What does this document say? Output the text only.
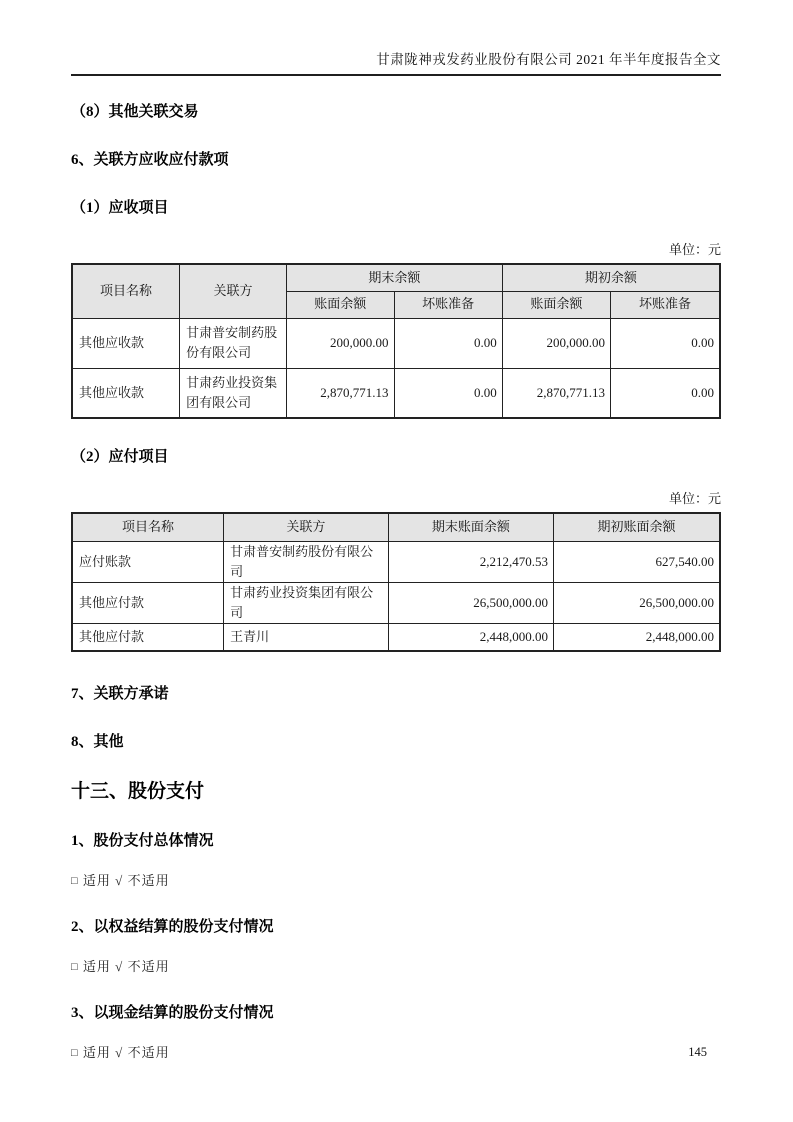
甘肃陇神戎发药业股份有限公司 2021 年半年度报告全文
（8）其他关联交易
6、关联方应收应付款项
（1）应收项目
单位：元
项目名称	关联方	期末余额		期初余额	
		账面余额	坏账准备	账面余额	坏账准备
其他应收款	甘肃普安制药股份有限公司	200,000.00	0.00	200,000.00	0.00
其他应收款	甘肃药业投资集团有限公司	2,870,771.13	0.00	2,870,771.13	0.00
（2）应付项目
单位：元
项目名称	关联方	期末账面余额	期初账面余额
应付账款	甘肃普安制药股份有限公司	2,212,470.53	627,540.00
其他应付款	甘肃药业投资集团有限公司	26,500,000.00	26,500,000.00
其他应付款	王青川	2,448,000.00	2,448,000.00
7、关联方承诺
8、其他
十三、股份支付
1、股份支付总体情况
□ 适用 √ 不适用
2、以权益结算的股份支付情况
□ 适用 √ 不适用
3、以现金结算的股份支付情况
□ 适用 √ 不适用	145
